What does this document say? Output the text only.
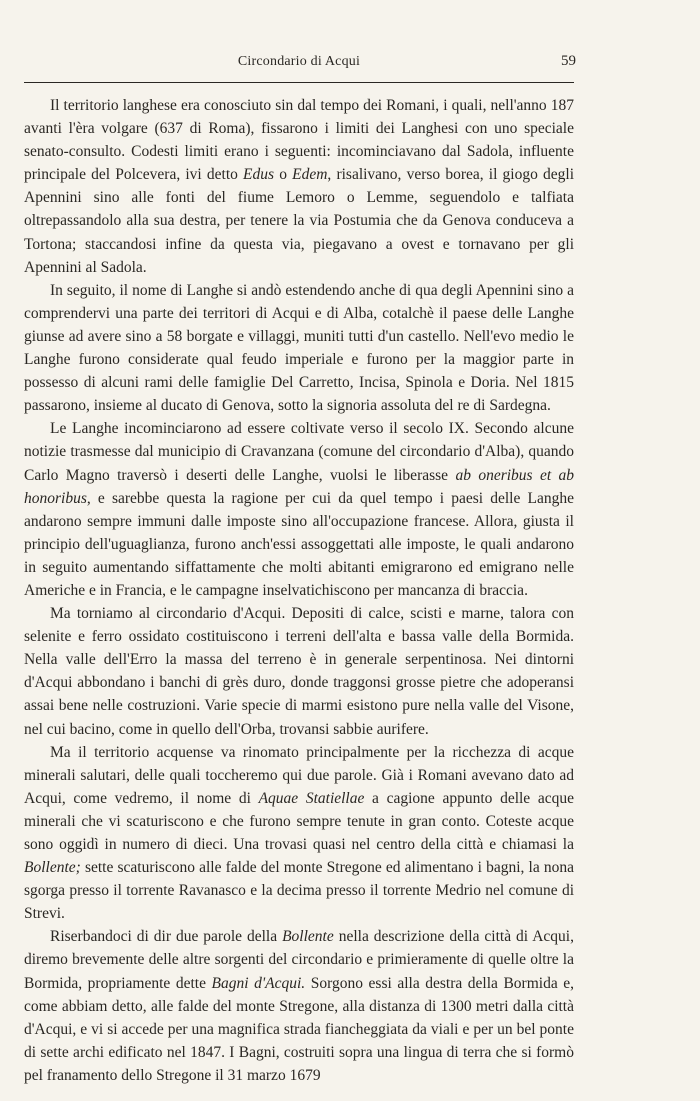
Circondario di Acqui	59

Il territorio langhese era conosciuto sin dal tempo dei Romani, i quali, nell'anno 187 avanti l'èra volgare (637 di Roma), fissarono i limiti dei Langhesi con uno speciale senato-consulto. Codesti limiti erano i seguenti: incominciavano dal Sadola, influente principale del Polcevera, ivi detto Edus o Edem, risalivano, verso borea, il giogo degli Apennini sino alle fonti del fiume Lemoro o Lemme, seguendolo e talfiata oltrepassandolo alla sua destra, per tenere la via Postumia che da Genova conduceva a Tortona; staccandosi infine da questa via, piegavano a ovest e tornavano per gli Apennini al Sadola.

In seguito, il nome di Langhe si andò estendendo anche di qua degli Apennini sino a comprendervi una parte dei territori di Acqui e di Alba, cotalchè il paese delle Langhe giunse ad avere sino a 58 borgate e villaggi, muniti tutti d'un castello. Nell'evo medio le Langhe furono considerate qual feudo imperiale e furono per la maggior parte in possesso di alcuni rami delle famiglie Del Carretto, Incisa, Spinola e Doria. Nel 1815 passarono, insieme al ducato di Genova, sotto la signoria assoluta del re di Sardegna.

Le Langhe incominciarono ad essere coltivate verso il secolo IX. Secondo alcune notizie trasmesse dal municipio di Cravanzana (comune del circondario d'Alba), quando Carlo Magno traversò i deserti delle Langhe, vuolsi le liberasse ab oneribus et ab honoribus, e sarebbe questa la ragione per cui da quel tempo i paesi delle Langhe andarono sempre immuni dalle imposte sino all'occupazione francese. Allora, giusta il principio dell'uguaglianza, furono anch'essi assoggettati alle imposte, le quali andarono in seguito aumentando siffattamente che molti abitanti emigrarono ed emigrano nelle Americhe e in Francia, e le campagne inselvatichiscono per mancanza di braccia.

Ma torniamo al circondario d'Acqui. Depositi di calce, scisti e marne, talora con selenite e ferro ossidato costituiscono i terreni dell'alta e bassa valle della Bormida. Nella valle dell'Erro la massa del terreno è in generale serpentinosa. Nei dintorni d'Acqui abbondano i banchi di grès duro, donde traggonsi grosse pietre che adoperansi assai bene nelle costruzioni. Varie specie di marmi esistono pure nella valle del Visone, nel cui bacino, come in quello dell'Orba, trovansi sabbie aurifere.

Ma il territorio acquense va rinomato principalmente per la ricchezza di acque minerali salutari, delle quali toccheremo qui due parole. Già i Romani avevano dato ad Acqui, come vedremo, il nome di Aquae Statiellae a cagione appunto delle acque minerali che vi scaturiscono e che furono sempre tenute in gran conto. Coteste acque sono oggidì in numero di dieci. Una trovasi quasi nel centro della città e chiamasi la Bollente; sette scaturiscono alle falde del monte Stregone ed alimentano i bagni, la nona sgorga presso il torrente Ravanasco e la decima presso il torrente Medrio nel comune di Strevi.

Riserbandoci di dir due parole della Bollente nella descrizione della città di Acqui, diremo brevemente delle altre sorgenti del circondario e primieramente di quelle oltre la Bormida, propriamente dette Bagni d'Acqui. Sorgono essi alla destra della Bormida e, come abbiam detto, alle falde del monte Stregone, alla distanza di 1300 metri dalla città d'Acqui, e vi si accede per una magnifica strada fiancheggiata da viali e per un bel ponte di sette archi edificato nel 1847. I Bagni, costruiti sopra una lingua di terra che si formò pel franamento dello Stregone il 31 marzo 1679
